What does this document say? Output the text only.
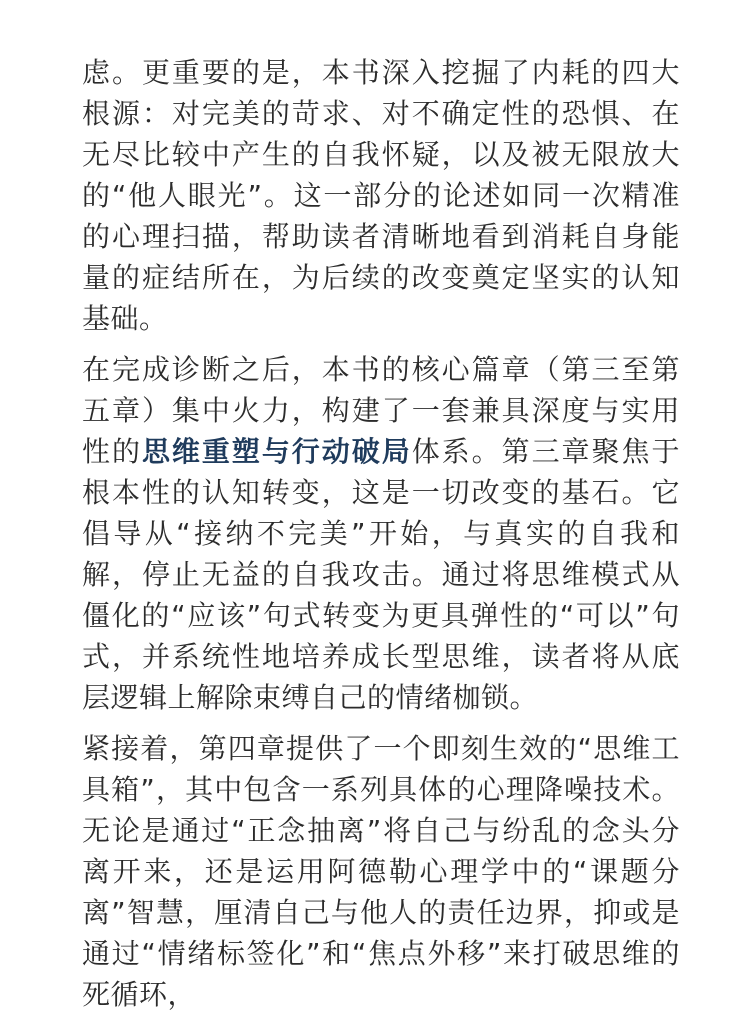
虑。更重要的是，本书深入挖掘了内耗的四大根源：对完美的苛求、对不确定性的恐惧、在无尽比较中产生的自我怀疑，以及被无限放大的“他人眼光”。这一部分的论述如同一次精准的心理扫描，帮助读者清晰地看到消耗自身能量的症结所在，为后续的改变奠定坚实的认知基础。

在完成诊断之后，本书的核心篇章（第三至第五章）集中火力，构建了一套兼具深度与实用性的思维重塑与行动破局体系。第三章聚焦于根本性的认知转变，这是一切改变的基石。它倡导从“接纳不完美”开始，与真实的自我和解，停止无益的自我攻击。通过将思维模式从僵化的“应该”句式转变为更具弹性的“可以”句式，并系统性地培养成长型思维，读者将从底层逻辑上解除束缚自己的情绪枷锁。

紧接着，第四章提供了一个即刻生效的“思维工具箱”，其中包含一系列具体的心理降噪技术。无论是通过“正念抽离”将自己与纷乱的念头分离开来，还是运用阿德勒心理学中的“课题分离”智慧，厘清自己与他人的责任边界，抑或是通过“情绪标签化”和“焦点外移”来打破思维的死循环，
